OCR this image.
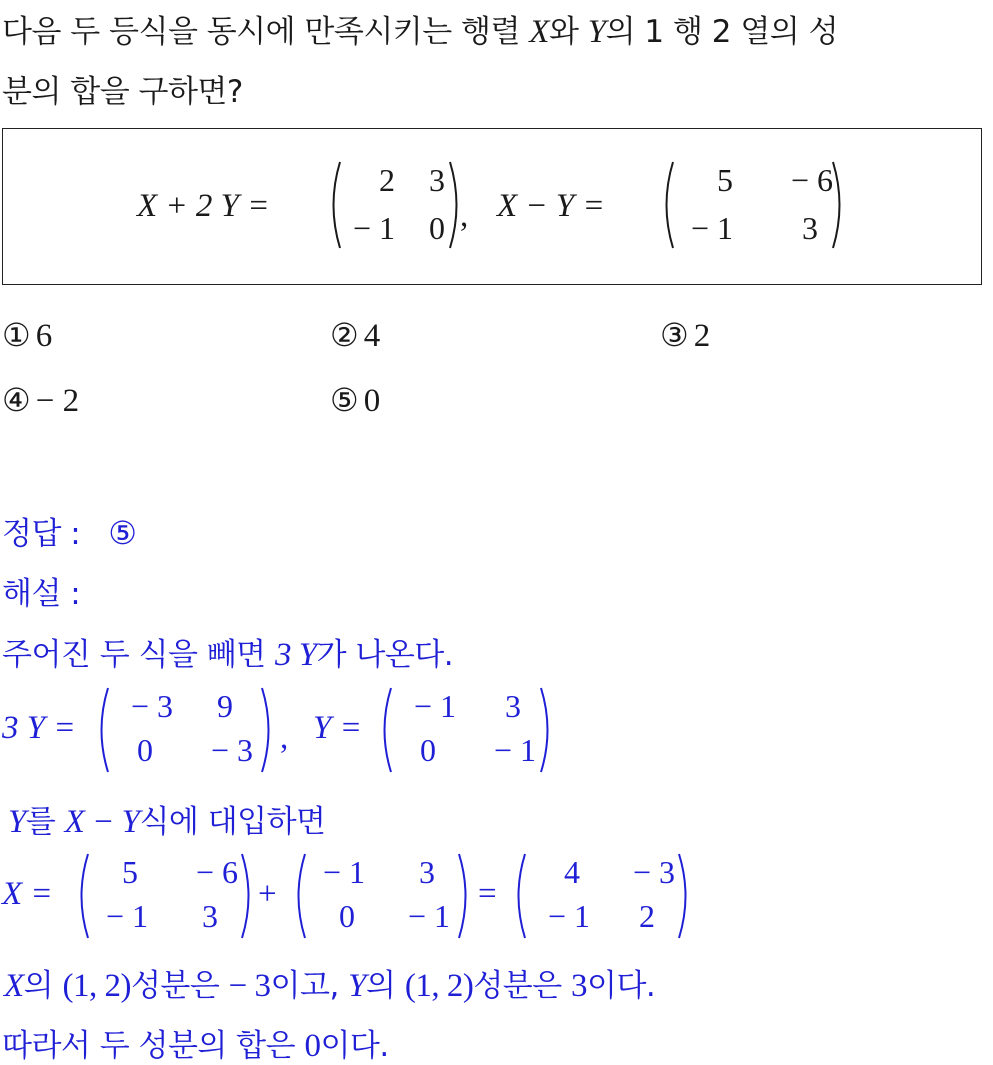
다음 두 등식을 동시에 만족시키는 행렬 X와 Y의 1 행 2 열의 성
분의 합을 구하면?
X + 2 Y =
2	3
− 1	0 , X − Y =
5	− 6
− 1	3
① 6	② 4	③ 2
④ − 2	⑤ 0
정답 : ⑤
해설 :
주어진 두 식을 빼면 3 Y가 나온다.
3 Y =
− 3	9
0	− 3 , Y =
− 1	3
0	− 1
Y를 X − Y식에 대입하면
X =
5	− 6
− 1	3
+
− 1	3
0	− 1
=
4	− 3
− 1	2
X의 (1, 2)성분은 − 3이고, Y의 (1, 2)성분은 3이다.
따라서 두 성분의 합은 0이다.
